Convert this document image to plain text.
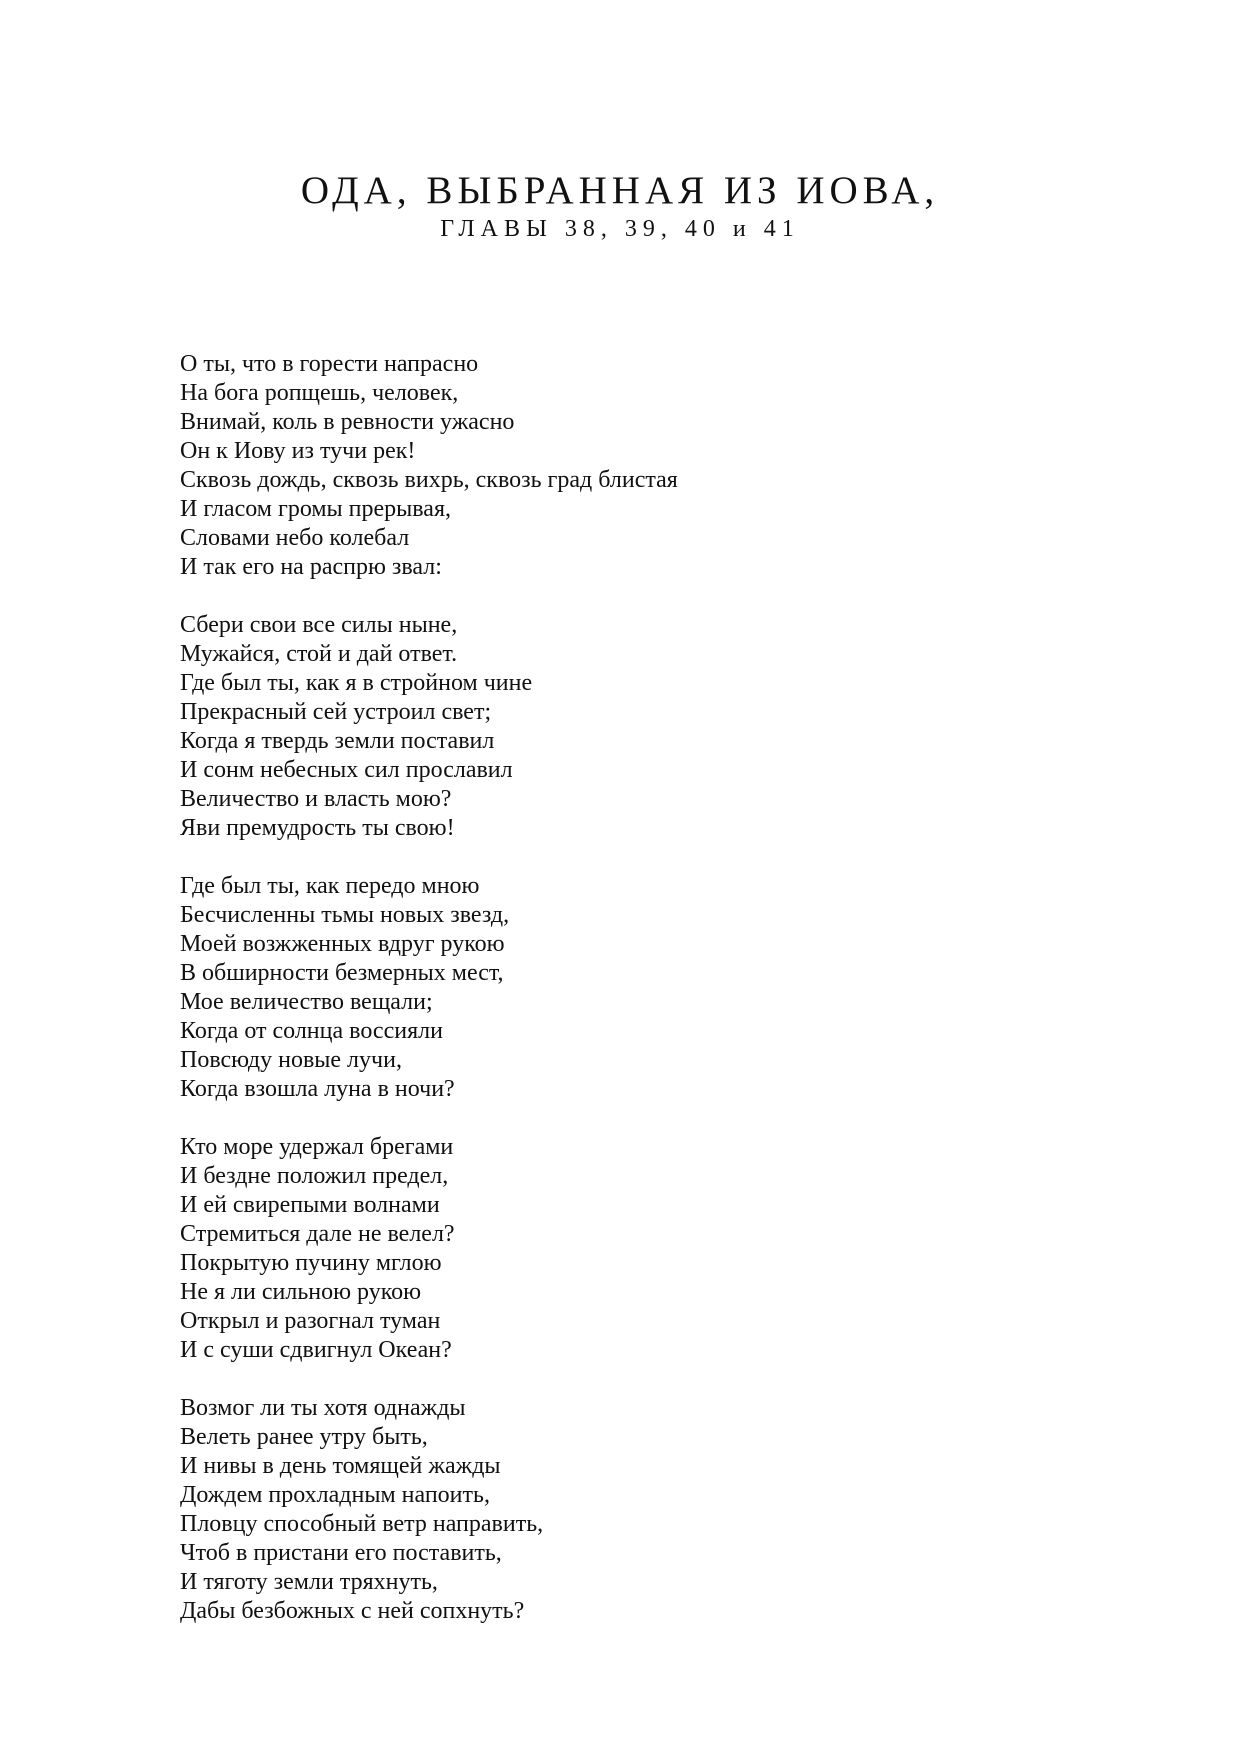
ОДА, ВЫБРАННАЯ ИЗ ИОВА,
ГЛАВЫ 38, 39, 40 и 41
О ты, что в горести напрасно
На бога ропщешь, человек,
Внимай, коль в ревности ужасно
Он к Иову из тучи рек!
Сквозь дождь, сквозь вихрь, сквозь град блистая
И гласом громы прерывая,
Словами небо колебал
И так его на распрю звал:
Сбери свои все силы ныне,
Мужайся, стой и дай ответ.
Где был ты, как я в стройном чине
Прекрасный сей устроил свет;
Когда я твердь земли поставил
И сонм небесных сил прославил
Величество и власть мою?
Яви премудрость ты свою!
Где был ты, как передо мною
Бесчисленны тьмы новых звезд,
Моей возжженных вдруг рукою
В обширности безмерных мест,
Мое величество вещали;
Когда от солнца воссияли
Повсюду новые лучи,
Когда взошла луна в ночи?
Кто море удержал брегами
И бездне положил предел,
И ей свирепыми волнами
Стремиться дале не велел?
Покрытую пучину мглою
Не я ли сильною рукою
Открыл и разогнал туман
И с суши сдвигнул Океан?
Возмог ли ты хотя однажды
Велеть ранее утру быть,
И нивы в день томящей жажды
Дождем прохладным напоить,
Пловцу способный ветр направить,
Чтоб в пристани его поставить,
И тяготу земли тряхнуть,
Дабы безбожных с ней сопхнуть?
